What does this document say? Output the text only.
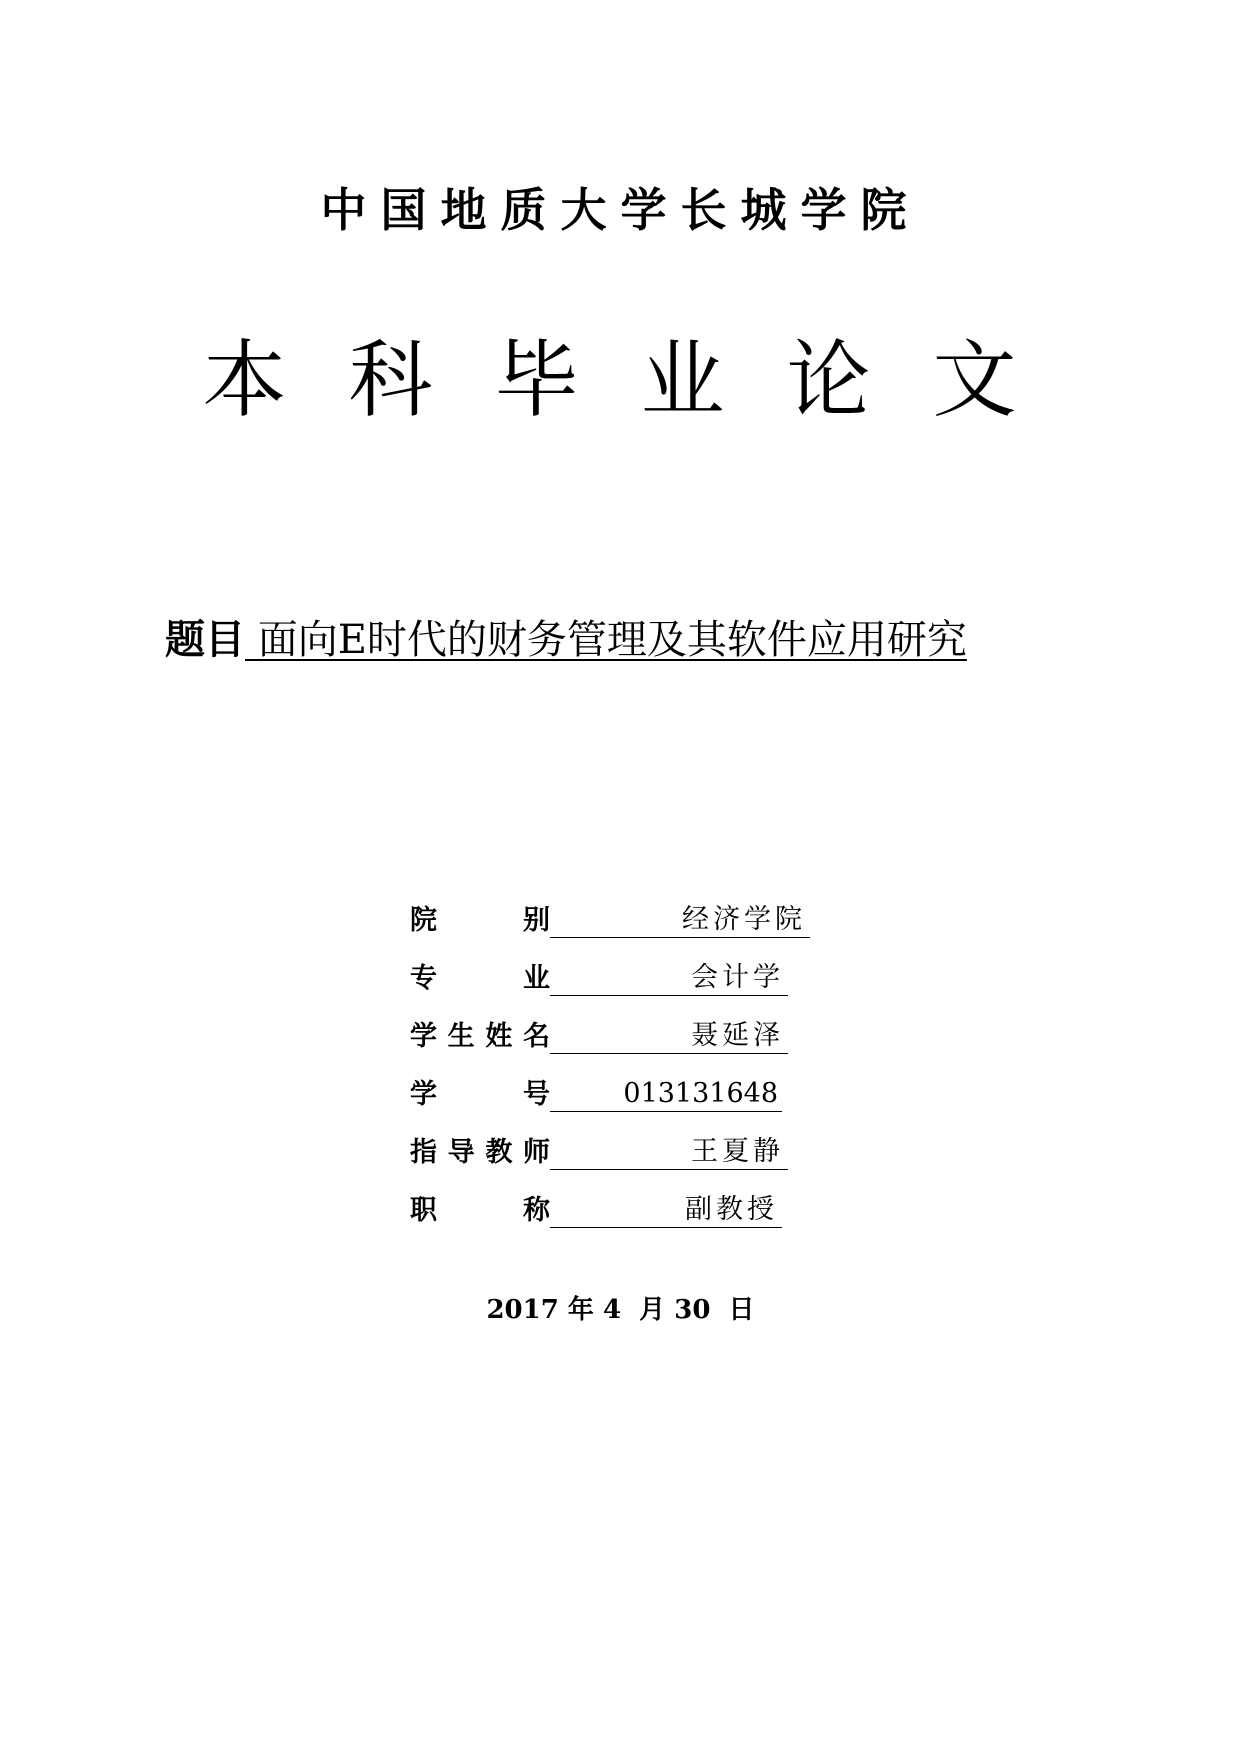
中国地质大学长城学院
本科毕业论文
题目 面向E时代的财务管理及其软件应用研究
院	别	经济学院
专	业	会计学
学 生 姓 名	聂延泽
学	号	013131648
指 导 教 师	王夏静
职	称	副教授
2017 年 4 月 30 日
